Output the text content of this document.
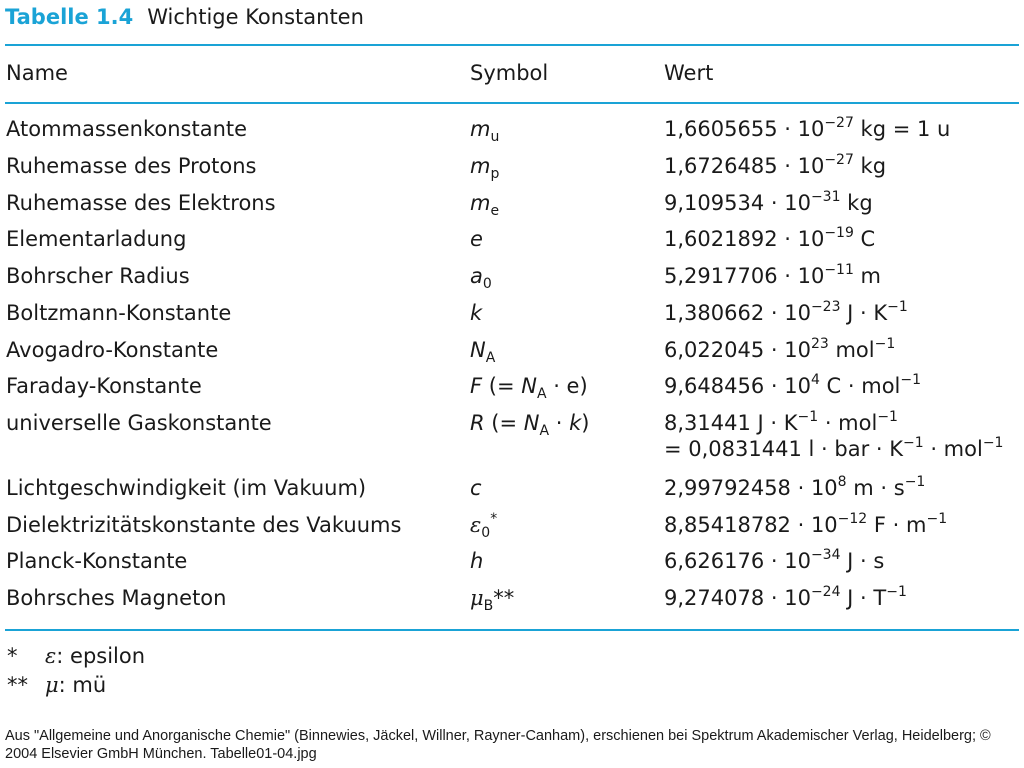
Tabelle 1.4 Wichtige Konstanten
Name	Symbol	Wert
Atommassenkonstante	$m_u$	$1,6605655 \cdot 10^{-27}$ kg = 1 u
Ruhemasse des Protons	$m_p$	$1,6726485 \cdot 10^{-27}$ kg
Ruhemasse des Elektrons	$m_e$	$9,109534 \cdot 10^{-31}$ kg
Elementarladung	e	$1,6021892 \cdot 10^{-19}$ C
Bohrscher Radius	$a_0$	$5,2917706 \cdot 10^{-11}$ m
Boltzmann-Konstante	k	$1,380662 \cdot 10^{-23}$ $J \cdot K^{-1}$
Avogadro-Konstante	$N_A$	$6,022045 \cdot 10^{23}$ mol$^{-1}$
Faraday-Konstante	F (= $N_A \cdot e$)	$9,648456 \cdot 10^4$ C · mol$^{-1}$
universelle Gaskonstante	R (= $N_A \cdot k$)	8,31441 $J \cdot K^{-1} \cdot mol^{-1}$
= 0,0831441 l · bar · $K^{-1} \cdot mol^{-1}$
Lichtgeschwindigkeit (im Vakuum)	c	$2,99792458 \cdot 10^8$ $m \cdot s^{-1}$
Dielektrizitätskonstante des Vakuums	$\varepsilon_0^*$	$8,85418782 \cdot 10^{-12}$ $F \cdot m^{-1}$
Planck-Konstante	h	$6,626176 \cdot 10^{-34}$ J · s
Bohrsches Magneton	$\mu_B**$	$9,274078 \cdot 10^{-24}$ $J \cdot T^{-1}$
* ε: epsilon
** μ: mü
Aus "Allgemeine und Anorganische Chemie" (Binnewies, Jäckel, Willner, Rayner-Canham), erschienen bei Spektrum Akademischer Verlag, Heidelberg; © 2004 Elsevier GmbH München. Tabelle01-04.jpg
